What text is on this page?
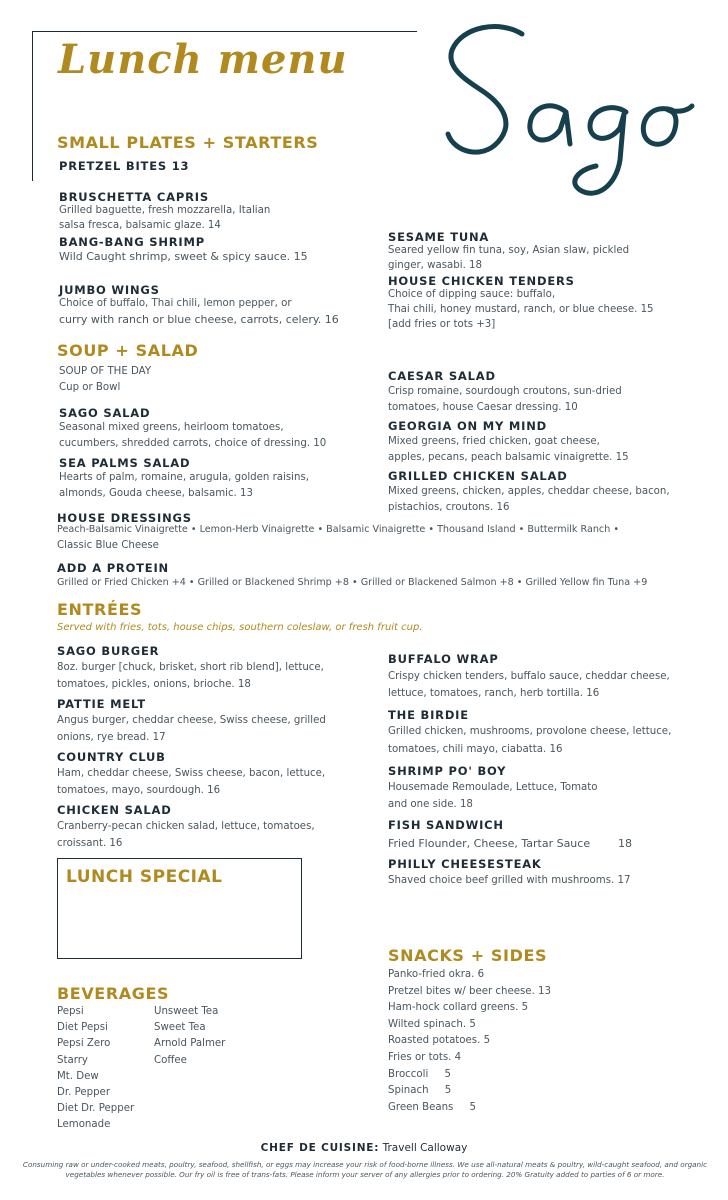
Lunch menu
Sago
SMALL PLATES + STARTERS
PRETZEL BITES 13
BRUSCHETTA CAPRIS
Grilled baguette, fresh mozzarella, Italian
salsa fresca, balsamic glaze. 14
BANG-BANG SHRIMP
Wild Caught shrimp, sweet & spicy sauce. 15
JUMBO WINGS
Choice of buffalo, Thai chili, lemon pepper, or
curry with ranch or blue cheese, carrots, celery. 16
SESAME TUNA
Seared yellow fin tuna, soy, Asian slaw, pickled
ginger, wasabi. 18
HOUSE CHICKEN TENDERS
Choice of dipping sauce: buffalo,
Thai chili, honey mustard, ranch, or blue cheese. 15
[add fries or tots +3]
SOUP + SALAD
SOUP OF THE DAY
Cup or Bowl
SAGO SALAD
Seasonal mixed greens, heirloom tomatoes,
cucumbers, shredded carrots, choice of dressing. 10
SEA PALMS SALAD
Hearts of palm, romaine, arugula, golden raisins,
almonds, Gouda cheese, balsamic. 13
CAESAR SALAD
Crisp romaine, sourdough croutons, sun-dried
tomatoes, house Caesar dressing. 10
GEORGIA ON MY MIND
Mixed greens, fried chicken, goat cheese,
apples, pecans, peach balsamic vinaigrette. 15
GRILLED CHICKEN SALAD
Mixed greens, chicken, apples, cheddar cheese, bacon,
pistachios, croutons. 16
HOUSE DRESSINGS
Peach-Balsamic Vinaigrette • Lemon-Herb Vinaigrette • Balsamic Vinaigrette • Thousand Island • Buttermilk Ranch •
Classic Blue Cheese
ADD A PROTEIN
Grilled or Fried Chicken +4 • Grilled or Blackened Shrimp +8 • Grilled or Blackened Salmon +8 • Grilled Yellow fin Tuna +9
ENTRÉES
Served with fries, tots, house chips, southern coleslaw, or fresh fruit cup.
SAGO BURGER
8oz. burger [chuck, brisket, short rib blend], lettuce,
tomatoes, pickles, onions, brioche. 18
PATTIE MELT
Angus burger, cheddar cheese, Swiss cheese, grilled
onions, rye bread. 17
COUNTRY CLUB
Ham, cheddar cheese, Swiss cheese, bacon, lettuce,
tomatoes, mayo, sourdough. 16
CHICKEN SALAD
Cranberry-pecan chicken salad, lettuce, tomatoes,
croissant. 16
BUFFALO WRAP
Crispy chicken tenders, buffalo sauce, cheddar cheese,
lettuce, tomatoes, ranch, herb tortilla. 16
THE BIRDIE
Grilled chicken, mushrooms, provolone cheese, lettuce,
tomatoes, chili mayo, ciabatta. 16
SHRIMP PO' BOY
Housemade Remoulade, Lettuce, Tomato
and one side. 18
FISH SANDWICH
Fried Flounder, Cheese, Tartar Sauce	18
PHILLY CHEESESTEAK
Shaved choice beef grilled with mushrooms. 17
LUNCH SPECIAL
BEVERAGES
Pepsi
Diet Pepsi
Pepsi Zero
Starry
Mt. Dew
Dr. Pepper
Diet Dr. Pepper
Lemonade
Unsweet Tea
Sweet Tea
Arnold Palmer
Coffee
SNACKS + SIDES
Panko-fried okra. 6
Pretzel bites w/ beer cheese. 13
Ham-hock collard greens. 5
Wilted spinach. 5
Roasted potatoes. 5
Fries or tots. 4
Broccoli     5
Spinach     5
Green Beans     5
CHEF DE CUISINE: Travell Calloway
Consuming raw or under-cooked meats, poultry, seafood, shellfish, or eggs may increase your risk of food-borne illness. We use all-natural meats & poultry, wild-caught seafood, and organic vegetables whenever possible. Our fry oil is free of trans-fats. Please inform your server of any allergies prior to ordering. 20% Gratuity added to parties of 6 or more.
